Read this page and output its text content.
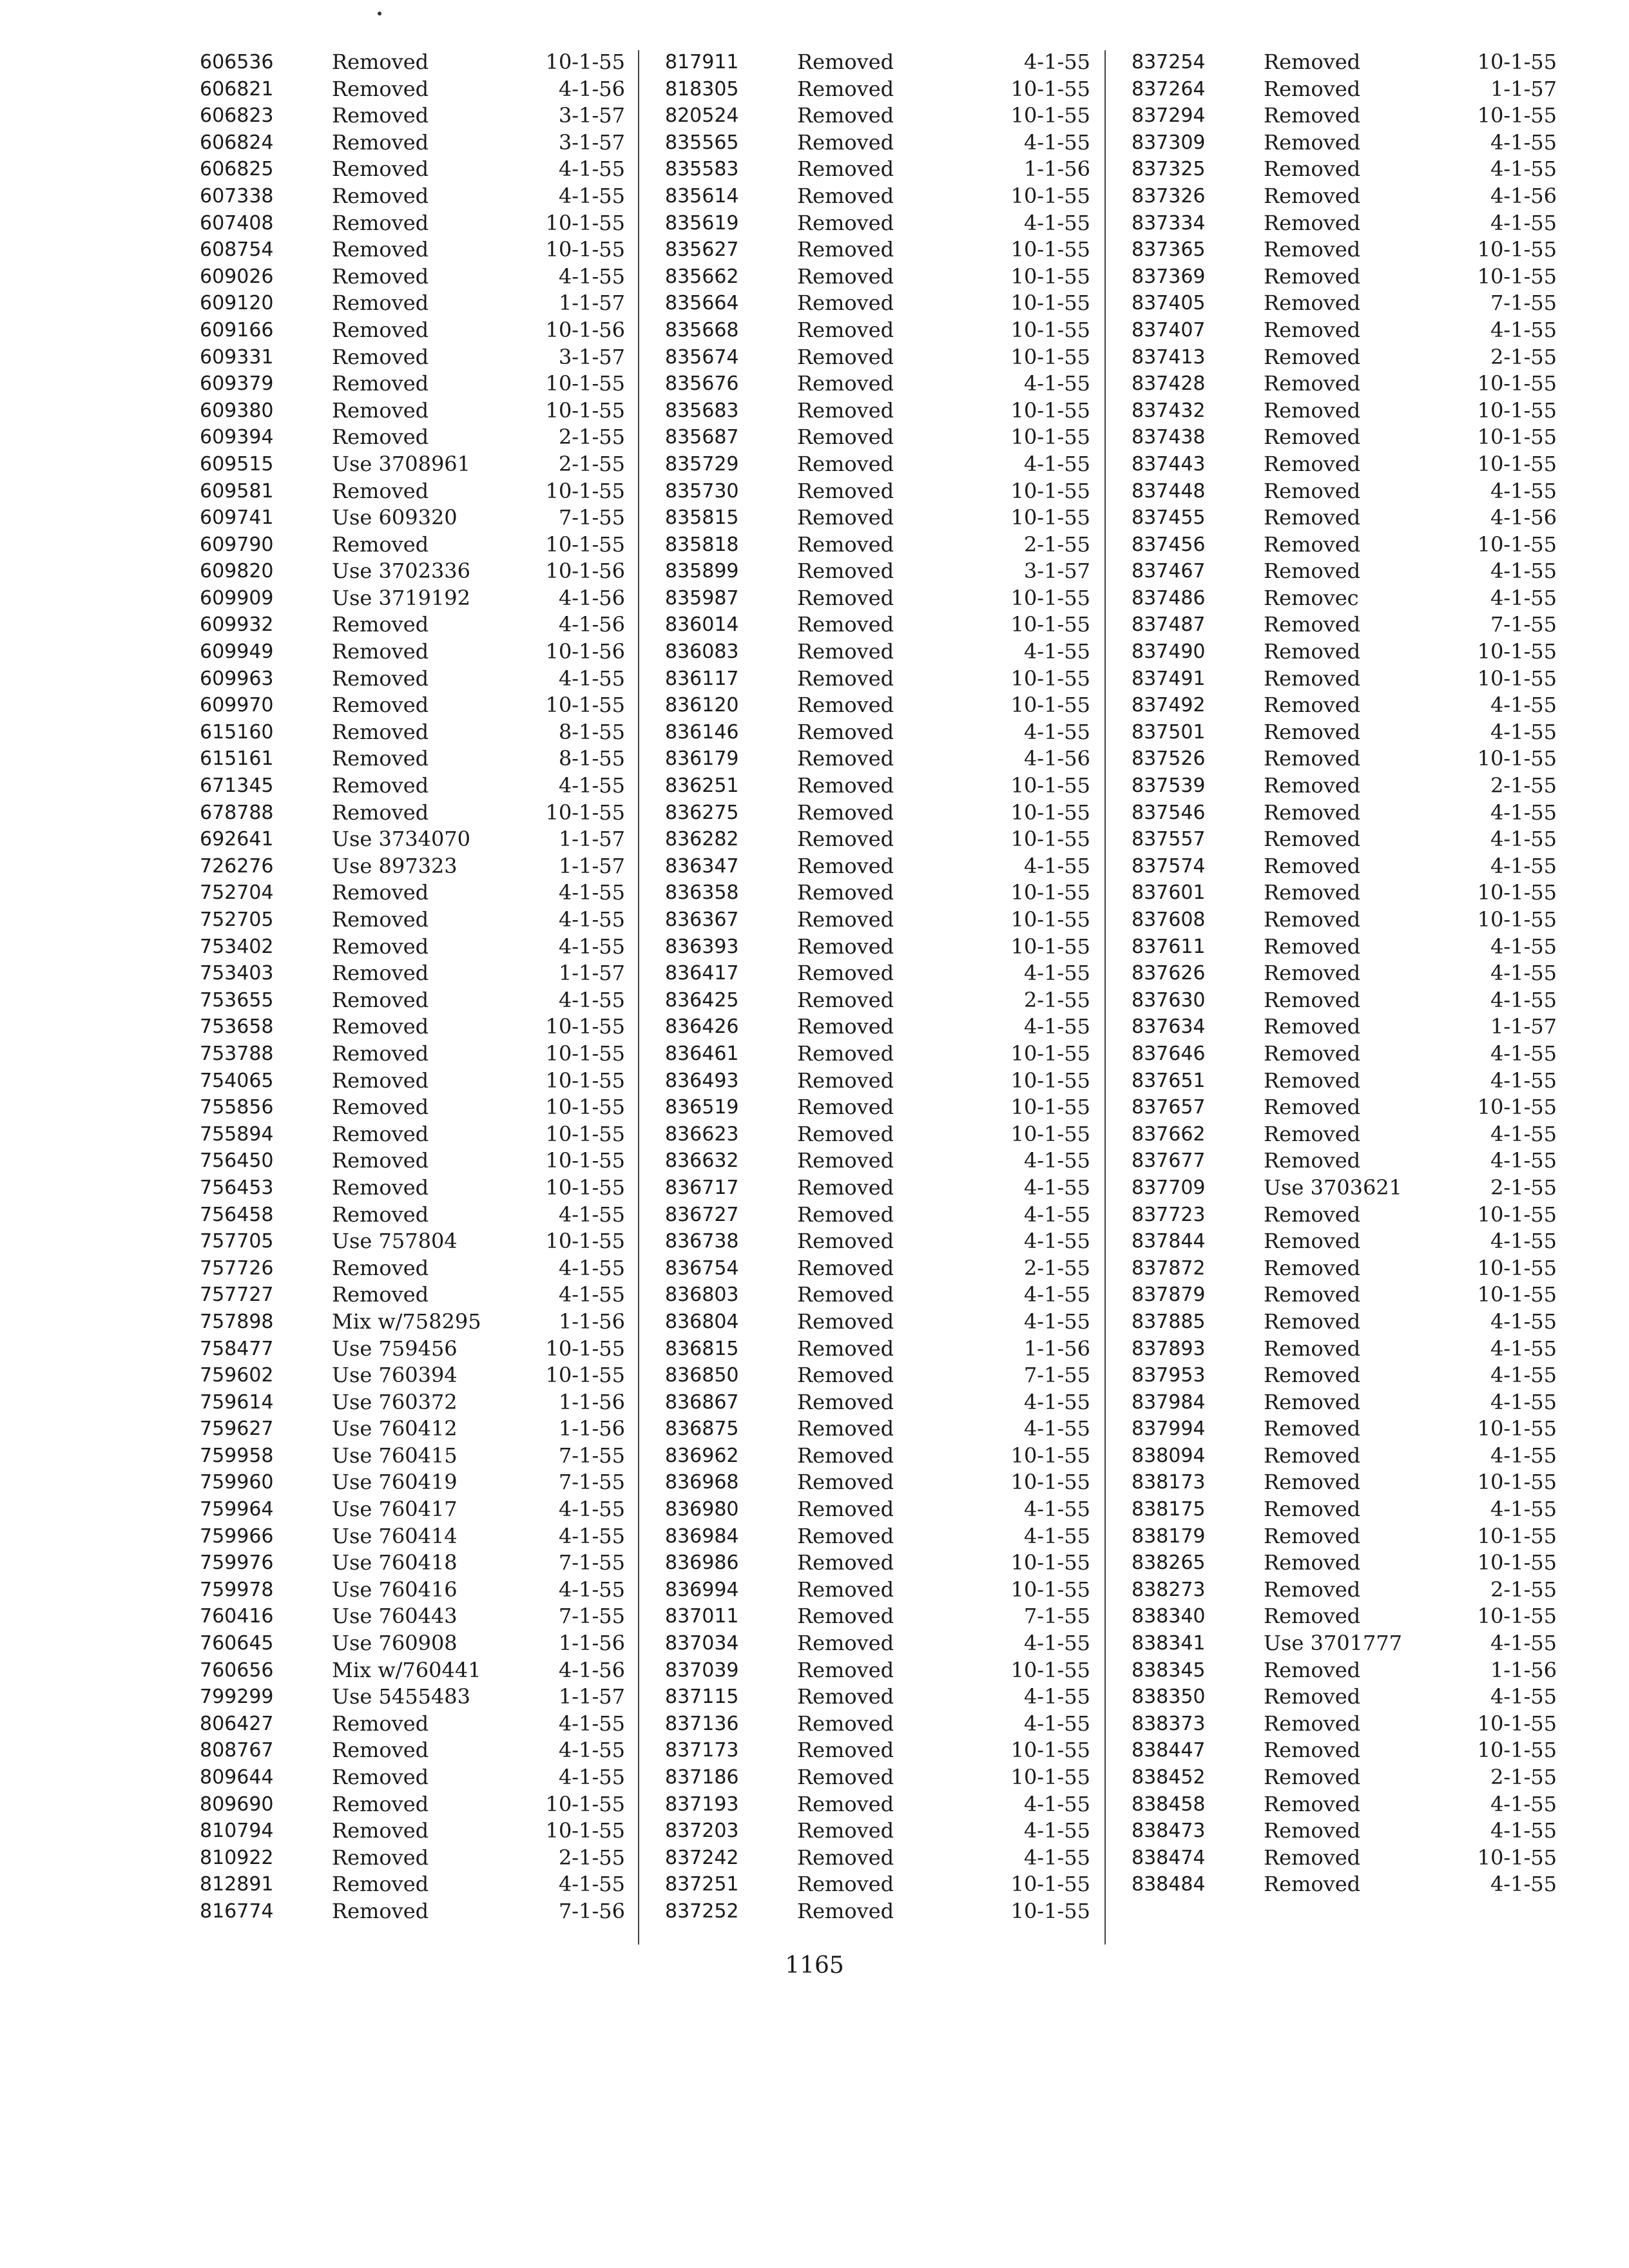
606536	Removed	10-1-55
606821	Removed	4-1-56
606823	Removed	3-1-57
606824	Removed	3-1-57
606825	Removed	4-1-55
607338	Removed	4-1-55
607408	Removed	10-1-55
608754	Removed	10-1-55
609026	Removed	4-1-55
609120	Removed	1-1-57
609166	Removed	10-1-56
609331	Removed	3-1-57
609379	Removed	10-1-55
609380	Removed	10-1-55
609394	Removed	2-1-55
609515	Use 3708961	2-1-55
609581	Removed	10-1-55
609741	Use 609320	7-1-55
609790	Removed	10-1-55
609820	Use 3702336	10-1-56
609909	Use 3719192	4-1-56
609932	Removed	4-1-56
609949	Removed	10-1-56
609963	Removed	4-1-55
609970	Removed	10-1-55
615160	Removed	8-1-55
615161	Removed	8-1-55
671345	Removed	4-1-55
678788	Removed	10-1-55
692641	Use 3734070	1-1-57
726276	Use 897323	1-1-57
752704	Removed	4-1-55
752705	Removed	4-1-55
753402	Removed	4-1-55
753403	Removed	1-1-57
753655	Removed	4-1-55
753658	Removed	10-1-55
753788	Removed	10-1-55
754065	Removed	10-1-55
755856	Removed	10-1-55
755894	Removed	10-1-55
756450	Removed	10-1-55
756453	Removed	10-1-55
756458	Removed	4-1-55
757705	Use 757804	10-1-55
757726	Removed	4-1-55
757727	Removed	4-1-55
757898	Mix w/758295	1-1-56
758477	Use 759456	10-1-55
759602	Use 760394	10-1-55
759614	Use 760372	1-1-56
759627	Use 760412	1-1-56
759958	Use 760415	7-1-55
759960	Use 760419	7-1-55
759964	Use 760417	4-1-55
759966	Use 760414	4-1-55
759976	Use 760418	7-1-55
759978	Use 760416	4-1-55
760416	Use 760443	7-1-55
760645	Use 760908	1-1-56
760656	Mix w/760441	4-1-56
799299	Use 5455483	1-1-57
806427	Removed	4-1-55
808767	Removed	4-1-55
809644	Removed	4-1-55
809690	Removed	10-1-55
810794	Removed	10-1-55
810922	Removed	2-1-55
812891	Removed	4-1-55
816774	Removed	7-1-56
817911	Removed	4-1-55
818305	Removed	10-1-55
820524	Removed	10-1-55
835565	Removed	4-1-55
835583	Removed	1-1-56
835614	Removed	10-1-55
835619	Removed	4-1-55
835627	Removed	10-1-55
835662	Removed	10-1-55
835664	Removed	10-1-55
835668	Removed	10-1-55
835674	Removed	10-1-55
835676	Removed	4-1-55
835683	Removed	10-1-55
835687	Removed	10-1-55
835729	Removed	4-1-55
835730	Removed	10-1-55
835815	Removed	10-1-55
835818	Removed	2-1-55
835899	Removed	3-1-57
835987	Removed	10-1-55
836014	Removed	10-1-55
836083	Removed	4-1-55
836117	Removed	10-1-55
836120	Removed	10-1-55
836146	Removed	4-1-55
836179	Removed	4-1-56
836251	Removed	10-1-55
836275	Removed	10-1-55
836282	Removed	10-1-55
836347	Removed	4-1-55
836358	Removed	10-1-55
836367	Removed	10-1-55
836393	Removed	10-1-55
836417	Removed	4-1-55
836425	Removed	2-1-55
836426	Removed	4-1-55
836461	Removed	10-1-55
836493	Removed	10-1-55
836519	Removed	10-1-55
836623	Removed	10-1-55
836632	Removed	4-1-55
836717	Removed	4-1-55
836727	Removed	4-1-55
836738	Removed	4-1-55
836754	Removed	2-1-55
836803	Removed	4-1-55
836804	Removed	4-1-55
836815	Removed	1-1-56
836850	Removed	7-1-55
836867	Removed	4-1-55
836875	Removed	4-1-55
836962	Removed	10-1-55
836968	Removed	10-1-55
836980	Removed	4-1-55
836984	Removed	4-1-55
836986	Removed	10-1-55
836994	Removed	10-1-55
837011	Removed	7-1-55
837034	Removed	4-1-55
837039	Removed	10-1-55
837115	Removed	4-1-55
837136	Removed	4-1-55
837173	Removed	10-1-55
837186	Removed	10-1-55
837193	Removed	4-1-55
837203	Removed	4-1-55
837242	Removed	4-1-55
837251	Removed	10-1-55
837252	Removed	10-1-55
837254	Removed	10-1-55
837264	Removed	1-1-57
837294	Removed	10-1-55
837309	Removed	4-1-55
837325	Removed	4-1-55
837326	Removed	4-1-56
837334	Removed	4-1-55
837365	Removed	10-1-55
837369	Removed	10-1-55
837405	Removed	7-1-55
837407	Removed	4-1-55
837413	Removed	2-1-55
837428	Removed	10-1-55
837432	Removed	10-1-55
837438	Removed	10-1-55
837443	Removed	10-1-55
837448	Removed	4-1-55
837455	Removed	4-1-56
837456	Removed	10-1-55
837467	Removed	4-1-55
837486	Removec	4-1-55
837487	Removed	7-1-55
837490	Removed	10-1-55
837491	Removed	10-1-55
837492	Removed	4-1-55
837501	Removed	4-1-55
837526	Removed	10-1-55
837539	Removed	2-1-55
837546	Removed	4-1-55
837557	Removed	4-1-55
837574	Removed	4-1-55
837601	Removed	10-1-55
837608	Removed	10-1-55
837611	Removed	4-1-55
837626	Removed	4-1-55
837630	Removed	4-1-55
837634	Removed	1-1-57
837646	Removed	4-1-55
837651	Removed	4-1-55
837657	Removed	10-1-55
837662	Removed	4-1-55
837677	Removed	4-1-55
837709	Use 3703621	2-1-55
837723	Removed	10-1-55
837844	Removed	4-1-55
837872	Removed	10-1-55
837879	Removed	10-1-55
837885	Removed	4-1-55
837893	Removed	4-1-55
837953	Removed	4-1-55
837984	Removed	4-1-55
837994	Removed	10-1-55
838094	Removed	4-1-55
838173	Removed	10-1-55
838175	Removed	4-1-55
838179	Removed	10-1-55
838265	Removed	10-1-55
838273	Removed	2-1-55
838340	Removed	10-1-55
838341	Use 3701777	4-1-55
838345	Removed	1-1-56
838350	Removed	4-1-55
838373	Removed	10-1-55
838447	Removed	10-1-55
838452	Removed	2-1-55
838458	Removed	4-1-55
838473	Removed	4-1-55
838474	Removed	10-1-55
838484	Removed	4-1-55
1165
